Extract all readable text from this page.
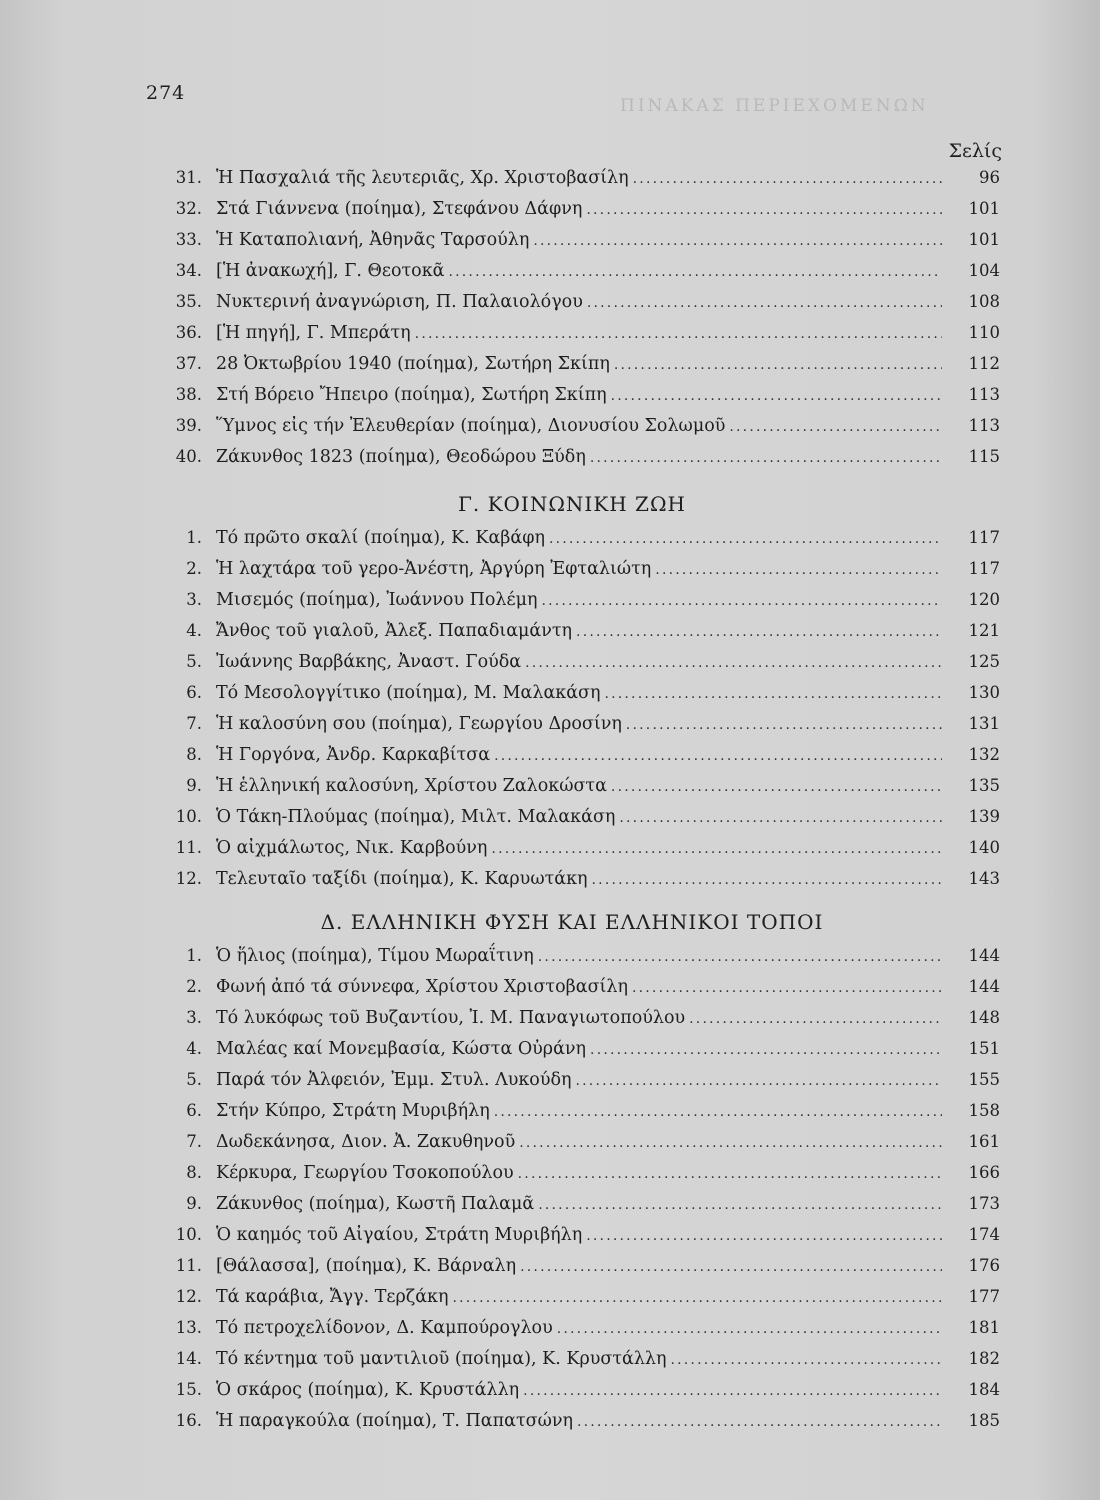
274
ΠΙΝΑΚΑΣ ΠΕΡΙΕΧΟΜΕΝΩΝ
Σελίς
31. Ἡ Πασχαλιά τῆς λευτεριᾶς, Χρ. Χριστοβασίλη .....	96
32. Στά Γιάννενα (ποίημα), Στεφάνου Δάφνη .....	101
33. Ἡ Καταπολιανή, Ἀθηνᾶς Ταρσούλη .....	101
34. [Ἡ ἀνακωχή], Γ. Θεοτοκᾶ .....	104
35. Νυκτερινή ἀναγνώριση, Π. Παλαιολόγου .....	108
36. [Ἡ πηγή], Γ. Μπεράτη .....	110
37. 28 Ὀκτωβρίου 1940 (ποίημα), Σωτήρη Σκίπη .....	112
38. Στή Βόρειο Ἤπειρο (ποίημα), Σωτήρη Σκίπη .....	113
39. Ὕμνος εἰς τήν Ἐλευθερίαν (ποίημα), Διονυσίου Σολωμοῦ .....	113
40. Ζάκυνθος 1823 (ποίημα), Θεοδώρου Ξύδη .....	115
Γ. ΚΟΙΝΩΝΙΚΗ ΖΩΗ
1. Τό πρῶτο σκαλί (ποίημα), Κ. Καβάφη .....	117
2. Ἡ λαχτάρα τοῦ γερο-Ἀνέστη, Ἀργύρη Ἐφταλιώτη .....	117
3. Μισεμός (ποίημα), Ἰωάννου Πολέμη .....	120
4. Ἄνθος τοῦ γιαλοῦ, Ἀλεξ. Παπαδιαμάντη .....	121
5. Ἰωάννης Βαρβάκης, Ἀναστ. Γούδα .....	125
6. Τό Μεσολογγίτικο (ποίημα), Μ. Μαλακάση .....	130
7. Ἡ καλοσύνη σου (ποίημα), Γεωργίου Δροσίνη .....	131
8. Ἡ Γοργόνα, Ἀνδρ. Καρκαβίτσα .....	132
9. Ἡ ἑλληνική καλοσύνη, Χρίστου Ζαλοκώστα .....	135
10. Ὁ Τάκη-Πλούμας (ποίημα), Μιλτ. Μαλακάση .....	139
11. Ὁ αἰχμάλωτος, Νικ. Καρβούνη .....	140
12. Τελευταῖο ταξίδι (ποίημα), Κ. Καρυωτάκη .....	143
Δ. ΕΛΛΗΝΙΚΗ ΦΥΣΗ ΚΑΙ ΕΛΛΗΝΙΚΟΙ ΤΟΠΟΙ
1. Ὁ ἥλιος (ποίημα), Τίμου Μωραΐτινη .....	144
2. Φωνή ἀπό τά σύννεφα, Χρίστου Χριστοβασίλη .....	144
3. Τό λυκόφως τοῦ Βυζαντίου, Ἰ. Μ. Παναγιωτοπούλου .....	148
4. Μαλέας καί Μονεμβασία, Κώστα Οὐράνη .....	151
5. Παρά τόν Ἀλφειόν, Ἐμμ. Στυλ. Λυκούδη .....	155
6. Στήν Κύπρο, Στράτη Μυριβήλη .....	158
7. Δωδεκάνησα, Διον. Ἀ. Ζακυθηνοῦ .....	161
8. Κέρκυρα, Γεωργίου Τσοκοπούλου .....	166
9. Ζάκυνθος (ποίημα), Κωστῆ Παλαμᾶ .....	173
10. Ὁ καημός τοῦ Αἰγαίου, Στράτη Μυριβήλη .....	174
11. [Θάλασσα], (ποίημα), Κ. Βάρναλη .....	176
12. Τά καράβια, Ἄγγ. Τερζάκη .....	177
13. Τό πετροχελίδονον, Δ. Καμπούρογλου .....	181
14. Τό κέντημα τοῦ μαντιλιοῦ (ποίημα), Κ. Κρυστάλλη .....	182
15. Ὁ σκάρος (ποίημα), Κ. Κρυστάλλη .....	184
16. Ἡ παραγκούλα (ποίημα), Τ. Παπατσώνη .....	185
